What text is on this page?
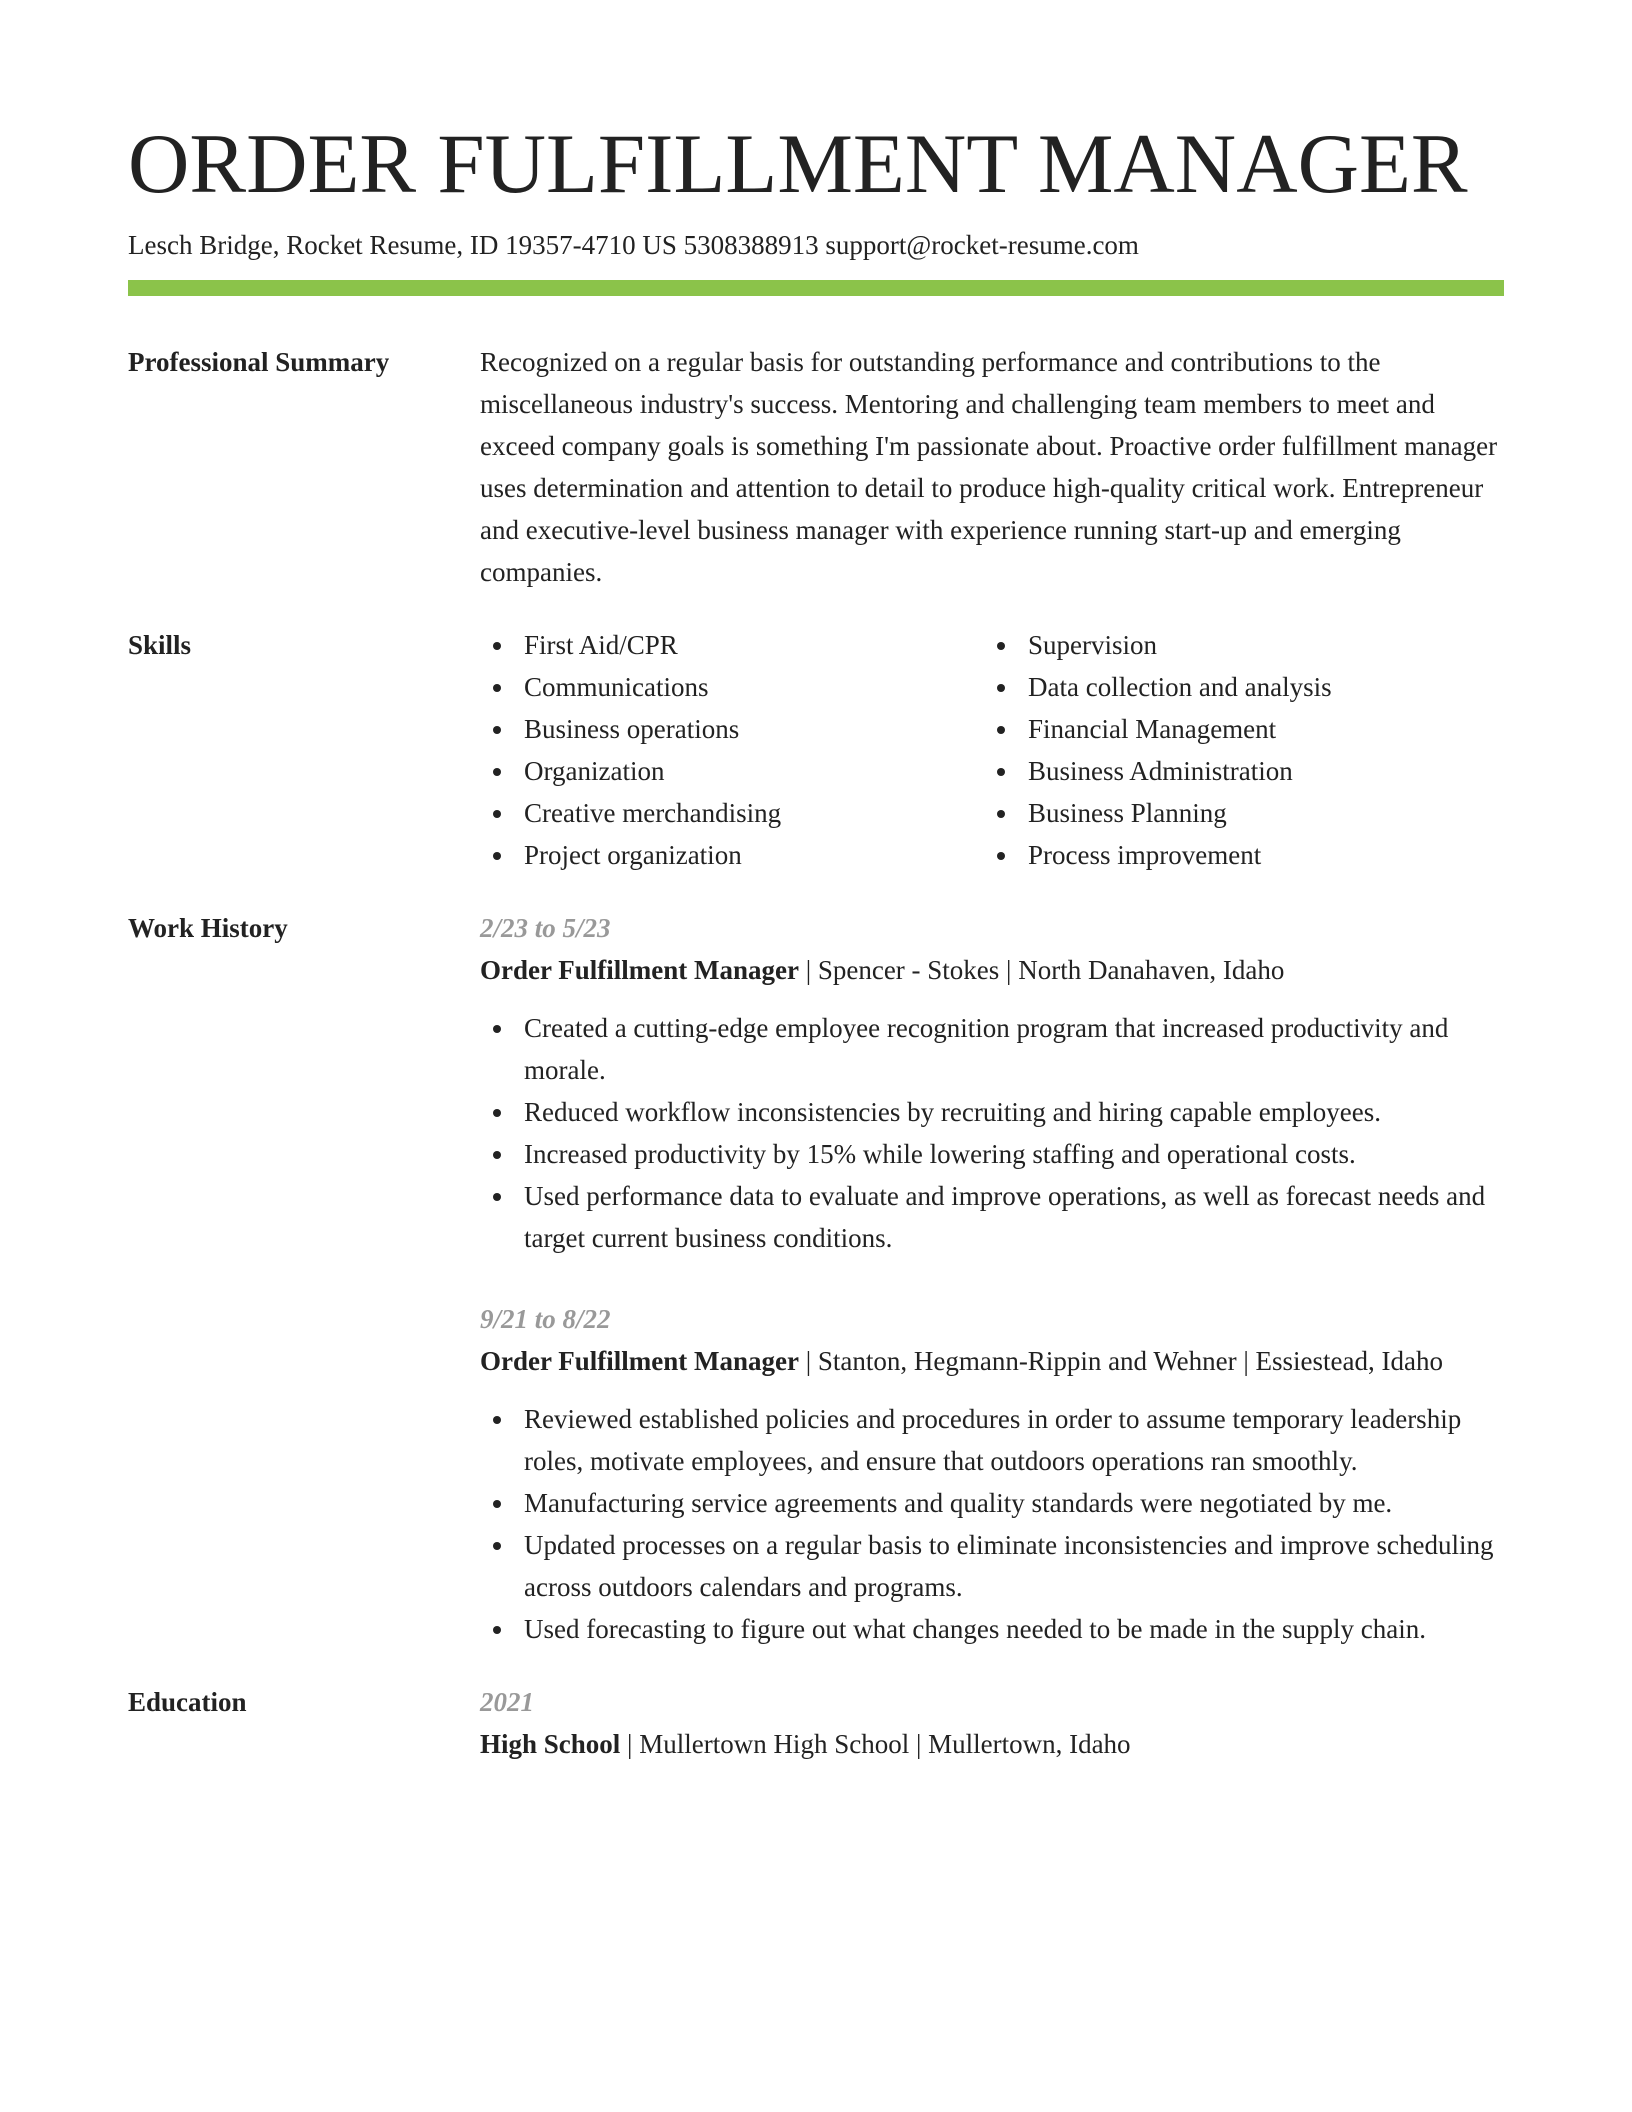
ORDER FULFILLMENT MANAGER
Lesch Bridge, Rocket Resume, ID 19357-4710 US 5308388913 support@rocket-resume.com
Professional Summary	Recognized on a regular basis for outstanding performance and contributions to the miscellaneous industry's success. Mentoring and challenging team members to meet and exceed company goals is something I'm passionate about. Proactive order fulfillment manager uses determination and attention to detail to produce high-quality critical work. Entrepreneur and executive-level business manager with experience running start-up and emerging companies.
Skills	First Aid/CPR
Communications
Business operations
Organization
Creative merchandising
Project organization
Supervision
Data collection and analysis
Financial Management
Business Administration
Business Planning
Process improvement
Work History	2/23 to 5/23
Order Fulfillment Manager | Spencer - Stokes | North Danahaven, Idaho
Created a cutting-edge employee recognition program that increased productivity and morale.
Reduced workflow inconsistencies by recruiting and hiring capable employees.
Increased productivity by 15% while lowering staffing and operational costs.
Used performance data to evaluate and improve operations, as well as forecast needs and target current business conditions.
9/21 to 8/22
Order Fulfillment Manager | Stanton, Hegmann-Rippin and Wehner | Essiestead, Idaho
Reviewed established policies and procedures in order to assume temporary leadership roles, motivate employees, and ensure that outdoors operations ran smoothly.
Manufacturing service agreements and quality standards were negotiated by me.
Updated processes on a regular basis to eliminate inconsistencies and improve scheduling across outdoors calendars and programs.
Used forecasting to figure out what changes needed to be made in the supply chain.
Education	2021
High School | Mullertown High School | Mullertown, Idaho
